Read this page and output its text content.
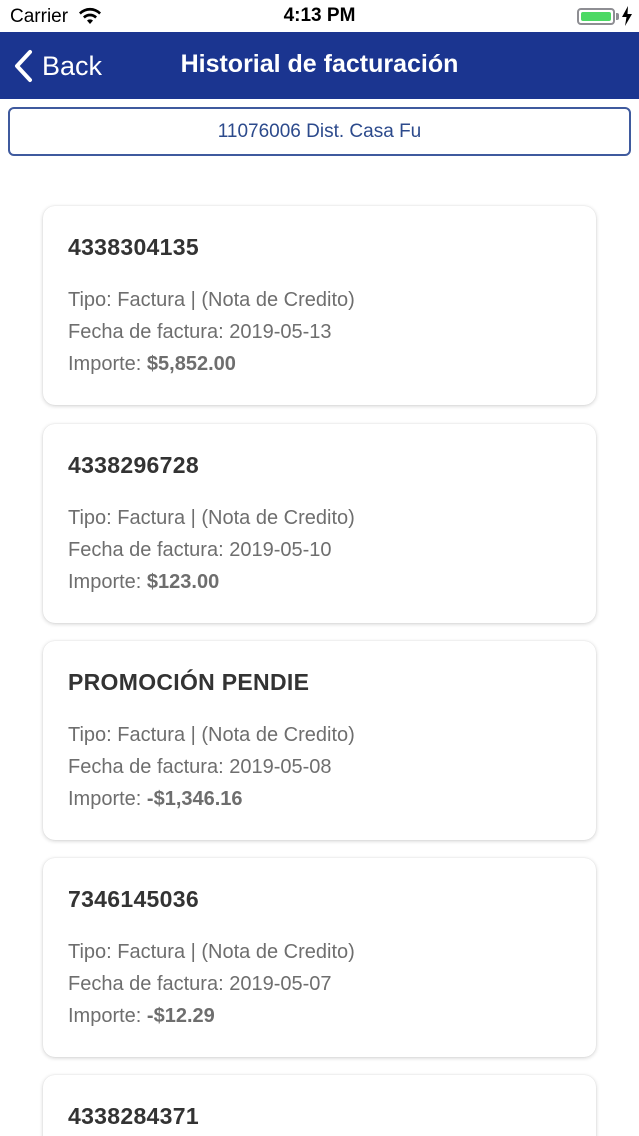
Carrier	4:13 PM
Back	Historial de facturación
11076006 Dist. Casa Fu
4338304135
Tipo: Factura | (Nota de Credito)
Fecha de factura: 2019-05-13
Importe: $5,852.00
4338296728
Tipo: Factura | (Nota de Credito)
Fecha de factura: 2019-05-10
Importe: $123.00
PROMOCIÓN PENDIE
Tipo: Factura | (Nota de Credito)
Fecha de factura: 2019-05-08
Importe: -$1,346.16
7346145036
Tipo: Factura | (Nota de Credito)
Fecha de factura: 2019-05-07
Importe: -$12.29
4338284371
